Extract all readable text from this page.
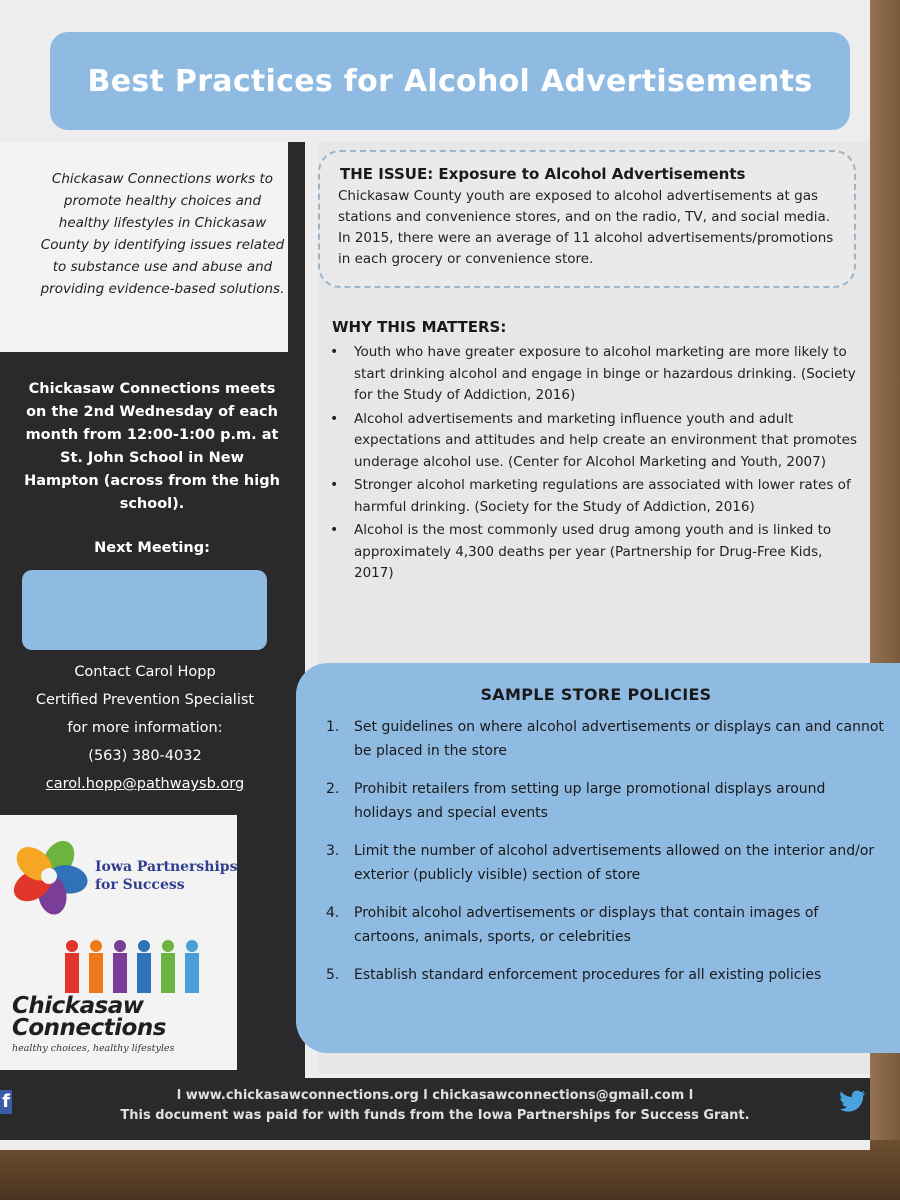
Best Practices for Alcohol Advertisements

Chickasaw Connections works to promote healthy choices and healthy lifestyles in Chickasaw County by identifying issues related to substance use and abuse and providing evidence-based solutions.

Chickasaw Connections meets on the 2nd Wednesday of each month from 12:00-1:00 p.m. at St. John School in New Hampton (across from the high school).

Next Meeting:

Contact Carol Hopp
Certified Prevention Specialist
for more information:
(563) 380-4032
carol.hopp@pathwaysb.org
Iowa Partnerships
for Success
Chickasaw
Connections
healthy choices, healthy lifestyles
THE ISSUE: Exposure to Alcohol Advertisements

Chickasaw County youth are exposed to alcohol advertisements at gas stations and convenience stores, and on the radio, TV, and social media. In 2015, there were an average of 11 alcohol advertisements/promotions in each grocery or convenience store.

WHY THIS MATTERS:
• Youth who have greater exposure to alcohol marketing are more likely to start drinking alcohol and engage in binge or hazardous drinking. (Society for the Study of Addiction, 2016)
• Alcohol advertisements and marketing influence youth and adult expectations and attitudes and help create an environment that promotes underage alcohol use. (Center for Alcohol Marketing and Youth, 2007)
• Stronger alcohol marketing regulations are associated with lower rates of harmful drinking. (Society for the Study of Addiction, 2016)
• Alcohol is the most commonly used drug among youth and is linked to approximately 4,300 deaths per year (Partnership for Drug-Free Kids, 2017)
SAMPLE STORE POLICIES
1. Set guidelines on where alcohol advertisements or displays can and cannot be placed in the store
2. Prohibit retailers from setting up large promotional displays around holidays and special events
3. Limit the number of alcohol advertisements allowed on the interior and/or exterior (publicly visible) section of store
4. Prohibit alcohol advertisements or displays that contain images of cartoons, animals, sports, or celebrities
5. Establish standard enforcement procedures for all existing policies
l www.chickasawconnections.org l chickasawconnections@gmail.com l
This document was paid for with funds from the Iowa Partnerships for Success Grant.
f
